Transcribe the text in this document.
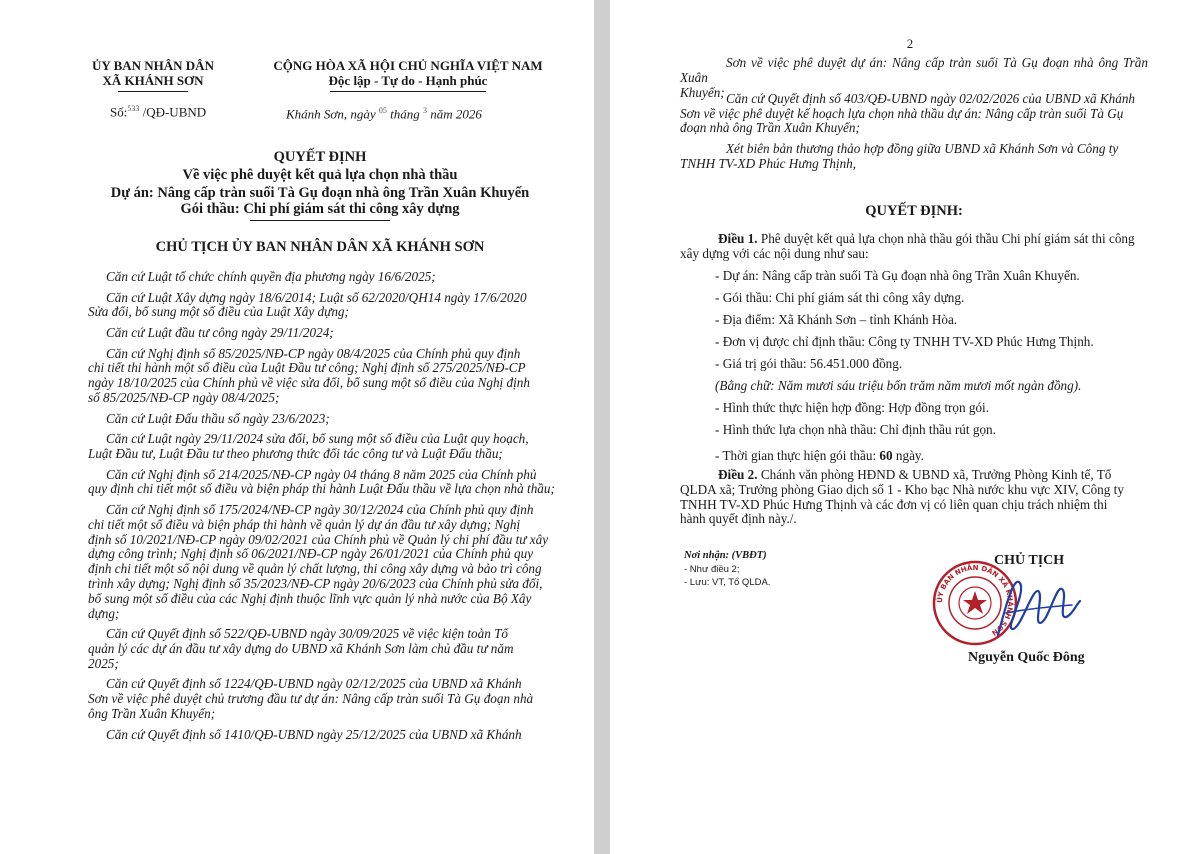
ỦY BAN NHÂN DÂN
XÃ KHÁNH SƠN
CỘNG HÒA XÃ HỘI CHỦ NGHĨA VIỆT NAM
Độc lập - Tự do - Hạnh phúc
Số:$^{533}$ /QĐ-UBND	Khánh Sơn, ngày $^{05}$ tháng $^3$ năm 2026
QUYẾT ĐỊNH
Về việc phê duyệt kết quả lựa chọn nhà thầu
Dự án: Nâng cấp tràn suối Tà Gụ đoạn nhà ông Trần Xuân Khuyến
Gói thầu: Chi phí giám sát thi công xây dựng
CHỦ TỊCH ỦY BAN NHÂN DÂN XÃ KHÁNH SƠN
Căn cứ Luật tổ chức chính quyền địa phương ngày 16/6/2025;
Căn cứ Luật Xây dựng ngày 18/6/2014; Luật số 62/2020/QH14 ngày 17/6/2020
Sửa đổi, bổ sung một số điều của Luật Xây dựng;
Căn cứ Luật đầu tư công ngày 29/11/2024;
Căn cứ Nghị định số 85/2025/NĐ-CP ngày 08/4/2025 của Chính phủ quy định
chi tiết thi hành một số điều của Luật Đầu tư công; Nghị định số 275/2025/NĐ-CP
ngày 18/10/2025 của Chính phủ về việc sửa đổi, bổ sung một số điều của Nghị định
số 85/2025/NĐ-CP ngày 08/4/2025;
Căn cứ Luật Đấu thầu số ngày 23/6/2023;
Căn cứ Luật ngày 29/11/2024 sửa đổi, bổ sung một số điều của Luật quy hoạch,
Luật Đầu tư, Luật Đầu tư theo phương thức đối tác công tư và Luật Đấu thầu;
Căn cứ Nghị định số 214/2025/NĐ-CP ngày 04 tháng 8 năm 2025 của Chính phủ
quy định chi tiết một số điều và biện pháp thi hành Luật Đấu thầu về lựa chọn nhà thầu;
Căn cứ Nghị định số 175/2024/NĐ-CP ngày 30/12/2024 của Chính phủ quy định
chi tiết một số điều và biện pháp thi hành về quản lý dự án đầu tư xây dựng; Nghị
định số 10/2021/NĐ-CP ngày 09/02/2021 của Chính phủ về Quản lý chi phí đầu tư xây
dựng công trình; Nghị định số 06/2021/NĐ-CP ngày 26/01/2021 của Chính phủ quy
định chi tiết một số nội dung về quản lý chất lượng, thi công xây dựng và bảo trì công
trình xây dựng; Nghị định số 35/2023/NĐ-CP ngày 20/6/2023 của Chính phủ sửa đổi,
bổ sung một số điều của các Nghị định thuộc lĩnh vực quản lý nhà nước của Bộ Xây
dựng;
Căn cứ Quyết định số 522/QĐ-UBND ngày 30/09/2025 về việc kiện toàn Tổ
quản lý các dự án đầu tư xây dựng do UBND xã Khánh Sơn làm chủ đầu tư năm
2025;
Căn cứ Quyết định số 1224/QĐ-UBND ngày 02/12/2025 của UBND xã Khánh
Sơn về việc phê duyệt chủ trương đầu tư dự án: Nâng cấp tràn suối Tà Gụ đoạn nhà
ông Trần Xuân Khuyến;
Căn cứ Quyết định số 1410/QĐ-UBND ngày 25/12/2025 của UBND xã Khánh
2
Sơn về việc phê duyệt dự án: Nâng cấp tràn suối Tà Gụ đoạn nhà ông Trần Xuân
Khuyến; Căn cứ Quyết định số 403/QĐ-UBND ngày 02/02/2026 của UBND xã Khánh
Sơn về việc phê duyệt kế hoạch lựa chọn nhà thầu dự án: Nâng cấp tràn suối Tà Gụ
đoạn nhà ông Trần Xuân Khuyến;
Xét biên bản thương thảo hợp đồng giữa UBND xã Khánh Sơn và Công ty
TNHH TV-XD Phúc Hưng Thịnh,
QUYẾT ĐỊNH:
Điều 1. Phê duyệt kết quả lựa chọn nhà thầu gói thầu Chi phí giám sát thi công
xây dựng với các nội dung như sau:
- Dự án: Nâng cấp tràn suối Tà Gụ đoạn nhà ông Trần Xuân Khuyến.
- Gói thầu: Chi phí giám sát thi công xây dựng.
- Địa điểm: Xã Khánh Sơn – tỉnh Khánh Hòa.
- Đơn vị được chỉ định thầu: Công ty TNHH TV-XD Phúc Hưng Thịnh.
- Giá trị gói thầu: 56.451.000 đồng.
(Bằng chữ: Năm mươi sáu triệu bốn trăm năm mươi mốt ngàn đồng).
- Hình thức thực hiện hợp đồng: Hợp đồng trọn gói.
- Hình thức lựa chọn nhà thầu: Chỉ định thầu rút gọn.
- Thời gian thực hiện gói thầu: 60 ngày.
Điều 2. Chánh văn phòng HĐND & UBND xã, Trưởng Phòng Kinh tế, Tổ
QLDA xã; Trưởng phòng Giao dịch số 1 - Kho bạc Nhà nước khu vực XIV, Công ty
TNHH TV-XD Phúc Hưng Thịnh và các đơn vị có liên quan chịu trách nhiệm thi
hành quyết định này./.
Nơi nhận: (VBĐT)
- Như điều 2;
- Lưu: VT, Tổ QLDA.
ỦY BAN NHÂN DÂN XÃ KHÁNH SƠN
CHỦ TỊCH
Nguyễn Quốc Đông
